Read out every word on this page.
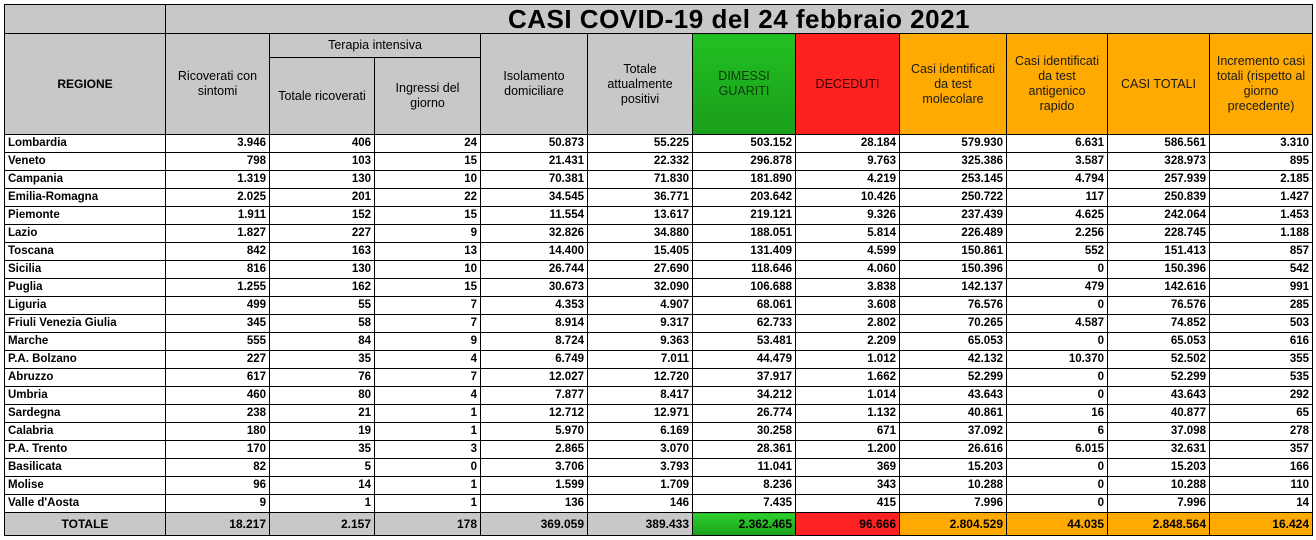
	CASI COVID-19 del 24 febbraio 2021										
REGIONE	Ricoverati con sintomi	Terapia intensiva		Isolamento domiciliare	Totale attualmente positivi	DIMESSI GUARITI	DECEDUTI	Casi identificati da test molecolare	Casi identificati da test antigenico rapido	CASI TOTALI	Incremento casi totali (rispetto al giorno precedente)
		Totale ricoverati	Ingressi del giorno								
Lombardia	3.946	406	24	50.873	55.225	503.152	28.184	579.930	6.631	586.561	3.310
Veneto	798	103	15	21.431	22.332	296.878	9.763	325.386	3.587	328.973	895
Campania	1.319	130	10	70.381	71.830	181.890	4.219	253.145	4.794	257.939	2.185
Emilia-Romagna	2.025	201	22	34.545	36.771	203.642	10.426	250.722	117	250.839	1.427
Piemonte	1.911	152	15	11.554	13.617	219.121	9.326	237.439	4.625	242.064	1.453
Lazio	1.827	227	9	32.826	34.880	188.051	5.814	226.489	2.256	228.745	1.188
Toscana	842	163	13	14.400	15.405	131.409	4.599	150.861	552	151.413	857
Sicilia	816	130	10	26.744	27.690	118.646	4.060	150.396	0	150.396	542
Puglia	1.255	162	15	30.673	32.090	106.688	3.838	142.137	479	142.616	991
Liguria	499	55	7	4.353	4.907	68.061	3.608	76.576	0	76.576	285
Friuli Venezia Giulia	345	58	7	8.914	9.317	62.733	2.802	70.265	4.587	74.852	503
Marche	555	84	9	8.724	9.363	53.481	2.209	65.053	0	65.053	616
P.A. Bolzano	227	35	4	6.749	7.011	44.479	1.012	42.132	10.370	52.502	355
Abruzzo	617	76	7	12.027	12.720	37.917	1.662	52.299	0	52.299	535
Umbria	460	80	4	7.877	8.417	34.212	1.014	43.643	0	43.643	292
Sardegna	238	21	1	12.712	12.971	26.774	1.132	40.861	16	40.877	65
Calabria	180	19	1	5.970	6.169	30.258	671	37.092	6	37.098	278
P.A. Trento	170	35	3	2.865	3.070	28.361	1.200	26.616	6.015	32.631	357
Basilicata	82	5	0	3.706	3.793	11.041	369	15.203	0	15.203	166
Molise	96	14	1	1.599	1.709	8.236	343	10.288	0	10.288	110
Valle d'Aosta	9	1	1	136	146	7.435	415	7.996	0	7.996	14
TOTALE	18.217	2.157	178	369.059	389.433	2.362.465	96.666	2.804.529	44.035	2.848.564	16.424
